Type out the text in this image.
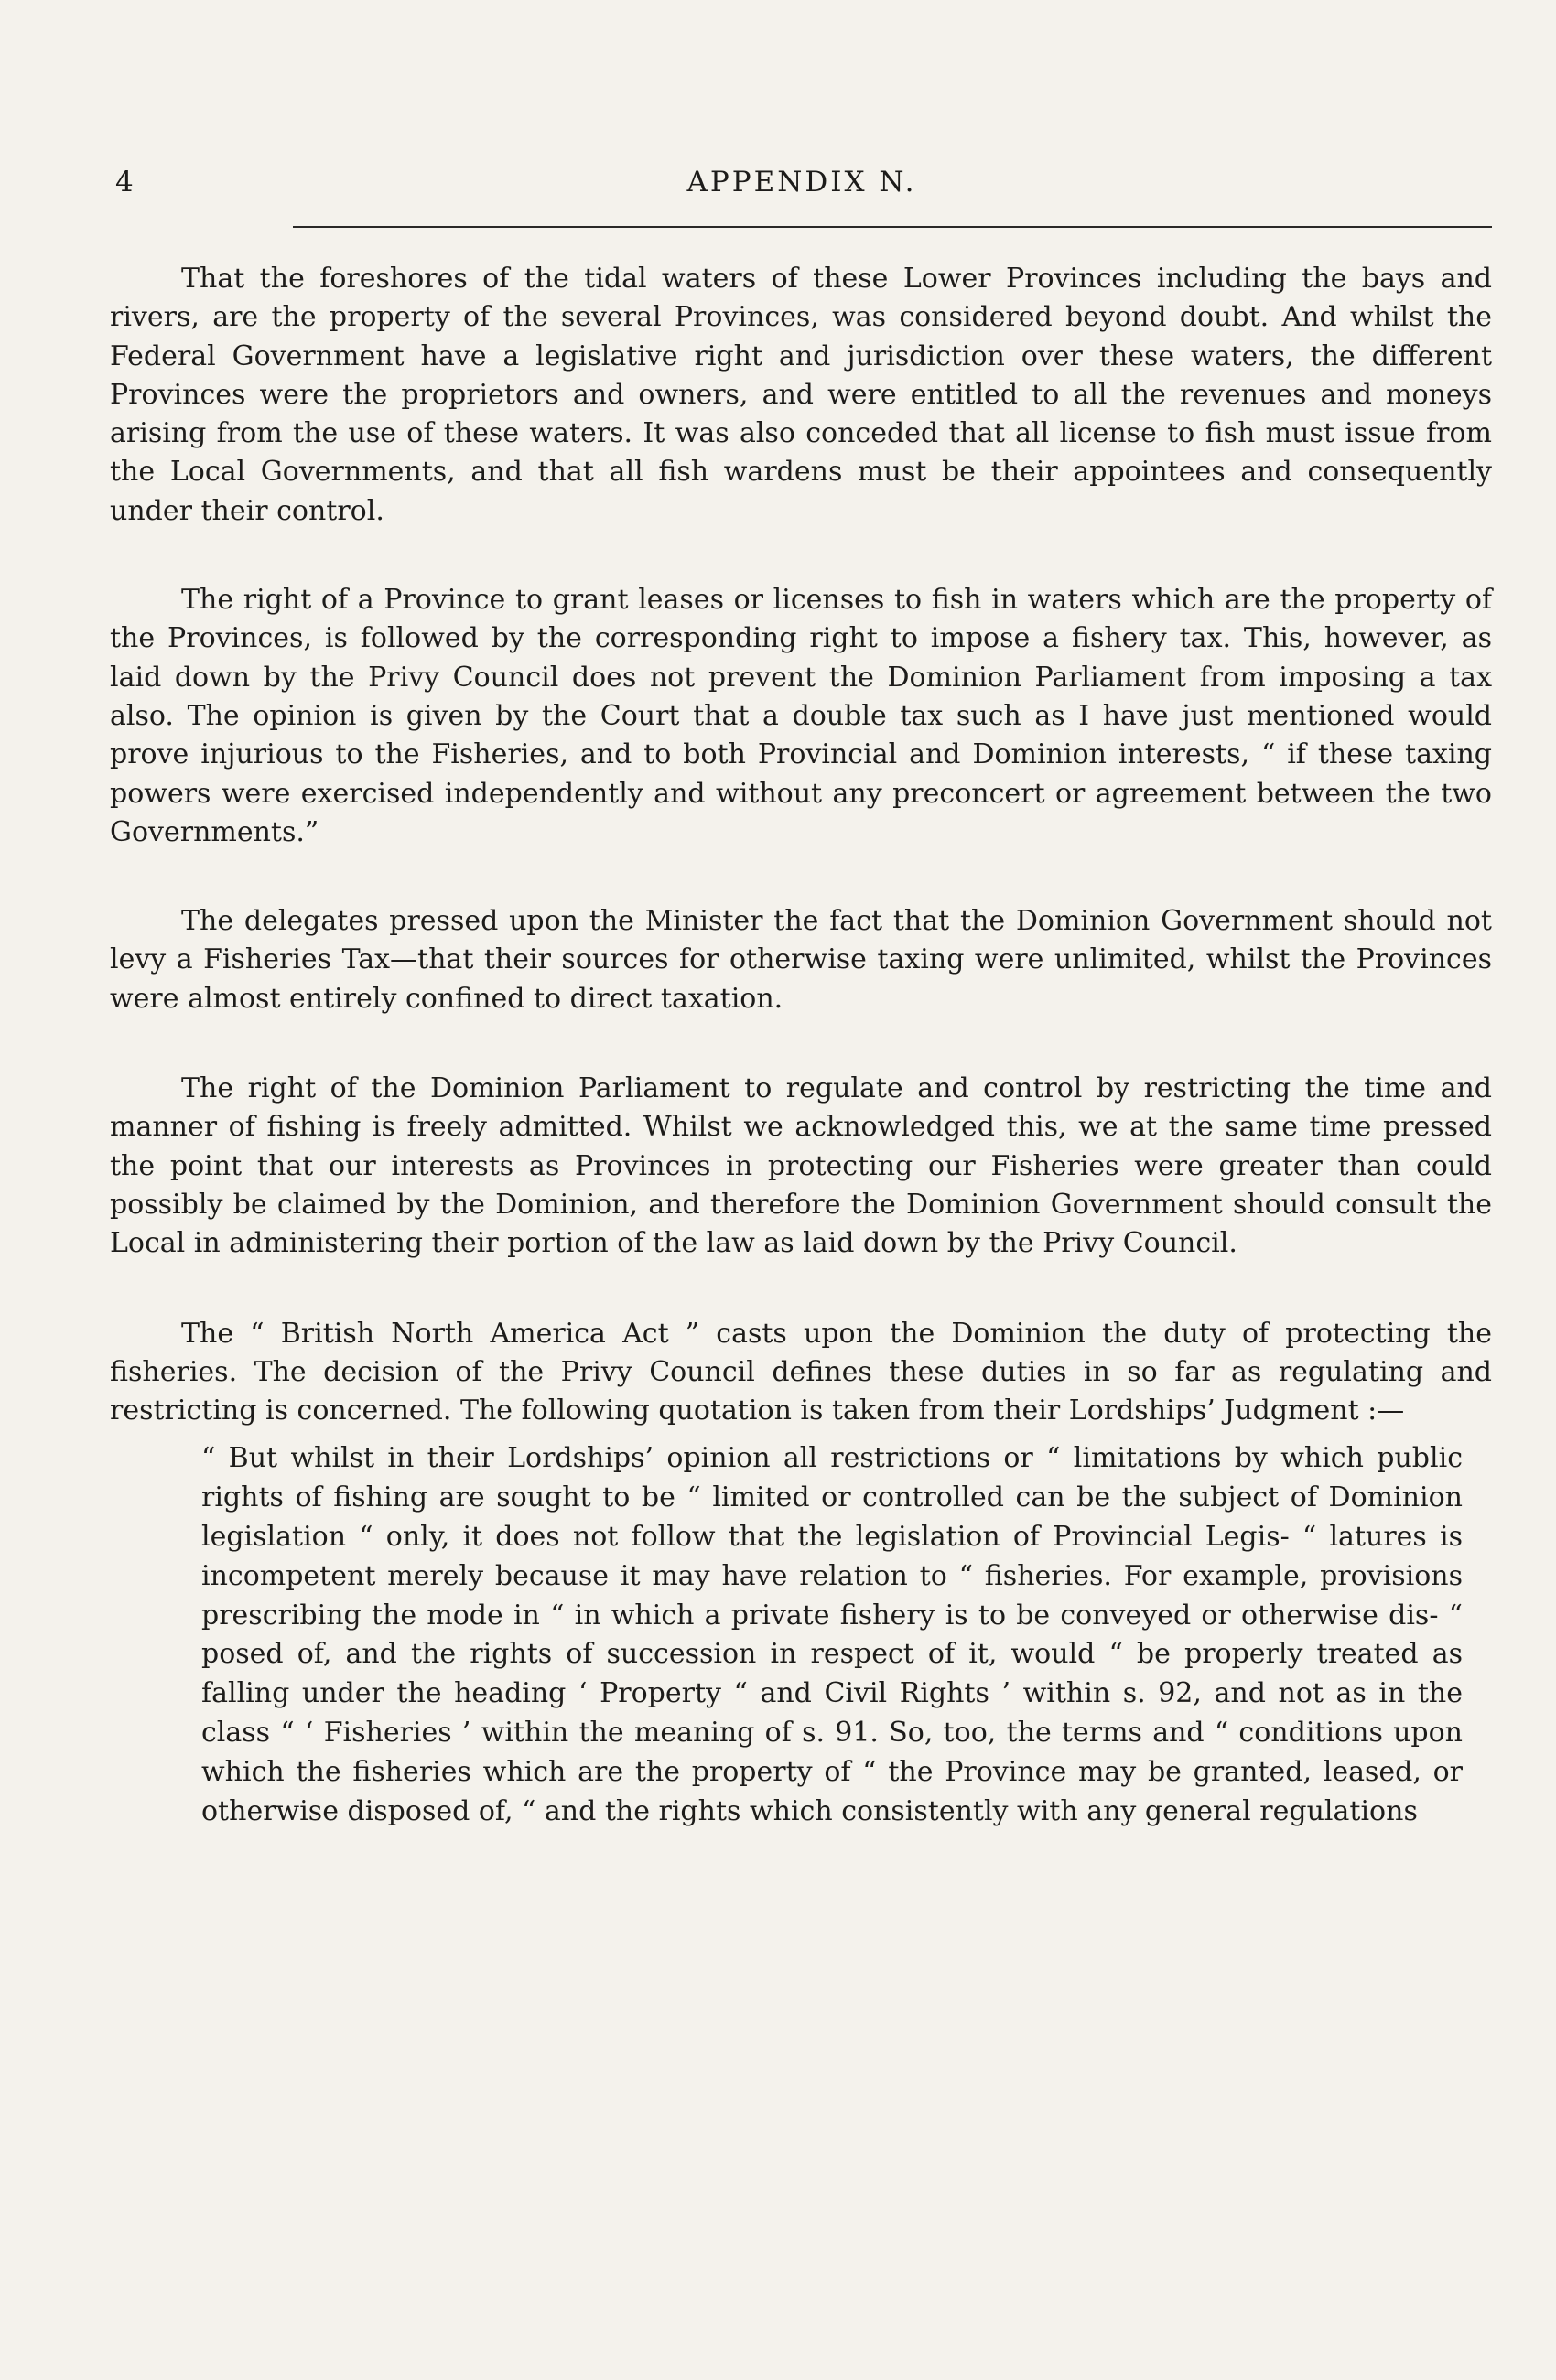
4	APPENDIX N.

That the foreshores of the tidal waters of these Lower Provinces including the bays and rivers, are the property of the several Provinces, was considered beyond doubt. And whilst the Federal Government have a legislative right and jurisdiction over these waters, the different Provinces were the proprietors and owners, and were entitled to all the revenues and moneys arising from the use of these waters. It was also conceded that all license to fish must issue from the Local Governments, and that all fish wardens must be their appointees and consequently under their control.

The right of a Province to grant leases or licenses to fish in waters which are the property of the Provinces, is followed by the corresponding right to impose a fishery tax. This, however, as laid down by the Privy Council does not prevent the Dominion Parliament from imposing a tax also. The opinion is given by the Court that a double tax such as I have just mentioned would prove injurious to the Fisheries, and to both Provincial and Dominion interests, “ if these taxing powers were exercised independently and without any preconcert or agreement between the two Governments.”

The delegates pressed upon the Minister the fact that the Dominion Government should not levy a Fisheries Tax—that their sources for otherwise taxing were unlimited, whilst the Provinces were almost entirely confined to direct taxation.

The right of the Dominion Parliament to regulate and control by restricting the time and manner of fishing is freely admitted. Whilst we acknowledged this, we at the same time pressed the point that our interests as Provinces in protecting our Fisheries were greater than could possibly be claimed by the Dominion, and therefore the Dominion Government should consult the Local in administering their portion of the law as laid down by the Privy Council.

The “ British North America Act ” casts upon the Dominion the duty of protecting the fisheries. The decision of the Privy Council defines these duties in so far as regulating and restricting is concerned. The following quotation is taken from their Lordships’ Judgment :—

“ But whilst in their Lordships’ opinion all restrictions or “ limitations by which public rights of fishing are sought to be “ limited or controlled can be the subject of Dominion legislation “ only, it does not follow that the legislation of Provincial Legis- “ latures is incompetent merely because it may have relation to “ fisheries. For example, provisions prescribing the mode in “ in which a private fishery is to be conveyed or otherwise dis- “ posed of, and the rights of succession in respect of it, would “ be properly treated as falling under the heading ‘ Property “ and Civil Rights ’ within s. 92, and not as in the class “ ‘ Fisheries ’ within the meaning of s. 91. So, too, the terms and “ conditions upon which the fisheries which are the property of “ the Province may be granted, leased, or otherwise disposed of, “ and the rights which consistently with any general regulations
